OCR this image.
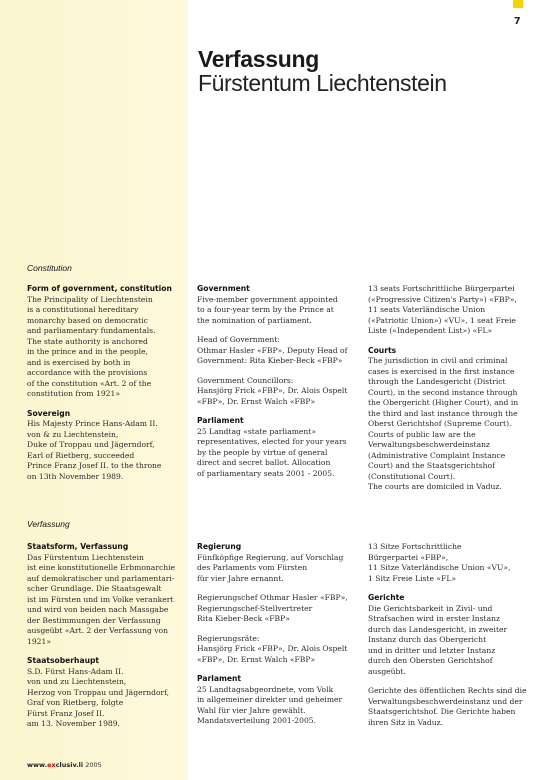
7
Verfassung
Fürstentum Liechtenstein
Constitution
Verfassung

Form of government, constitution
The Principality of Liechtenstein
is a constitutional hereditary
monarchy based on democratic
and parliamentary fundamentals.
The state authority is anchored
in the prince and in the people,
and is exercised by both in
accordance with the provisions
of the constitution «Art. 2 of the
constitution from 1921»

Sovereign
His Majesty Prince Hans-Adam II.
von & zu Liechtenstein,
Duke of Troppau und Jägerndorf,
Earl of Rietberg, succeeded
Prince Franz Josef II. to the throne
on 13th November 1989.

Government
Five-member government appointed
to a four-year term by the Prince at
the nomination of parliament.

Head of Government:
Othmar Hasler «FBP», Deputy Head of
Government: Rita Kieber-Beck «FBP»

Government Councillors:
Hansjörg Frick «FBP», Dr. Alois Ospelt
«FBP», Dr. Ernst Walch «FBP»

Parliament
25 Landtag «state parliament»
representatives, elected for your years
by the people by virtue of general
direct and secret ballot. Allocation
of parliamentary seats 2001 - 2005.

13 seats Fortschrittliche Bürgerpartei
(«Progressive Citizen's Party») «FBP»,
11 seats Vaterländische Union
(«Patriotic Union») «VU», 1 seat Freie
Liste («Independent List») «FL»

Courts
The jurisdiction in civil and criminal
cases is exercised in the first instance
through the Landesgericht (District
Court), in the second instance through
the Obergericht (Higher Court), and in
the third and last instance through the
Oberst Gerichtshof (Supreme Court).
Courts of public law are the
Verwaltungsbeschwerdeinstanz
(Administrative Complaint Instance
Court) and the Staatsgerichtshof
(Constitutional Court).
The courts are domiciled in Vaduz.

Staatsform, Verfassung
Das Fürstentum Liechtenstein
ist eine konstitutionelle Erbmonarchie
auf demokratischer und parlamentari-
scher Grundlage. Die Staatsgewalt
ist im Fürsten und im Volke verankert
und wird von beiden nach Massgabe
der Bestimmungen der Verfassung
ausgeübt «Art. 2 der Verfassung von
1921»

Staatsoberhaupt
S.D. Fürst Hans-Adam II.
von und zu Liechtenstein,
Herzog von Troppau und Jägerndorf,
Graf von Rietberg, folgte
Fürst Franz Josef II.
am 13. November 1989.

Regierung
Fünfköpfige Regierung, auf Vorschlag
des Parlaments vom Fürsten
für vier Jahre ernannt.

Regierungschef Othmar Hasler «FBP»,
Regierungschef-Stellvertreter
Rita Kieber-Beck «FBP»

Regierungsräte:
Hansjörg Frick «FBP», Dr. Alois Ospelt
«FBP», Dr. Ernst Walch «FBP»

Parlament
25 Landtagsabgeordnete, vom Volk
in allgemeiner direkter und geheimer
Wahl für vier Jahre gewählt.
Mandatsverteilung 2001-2005.

13 Sitze Fortschrittliche
Bürgerpartei «FBP»,
11 Sitze Vaterländische Union «VU»,
1 Sitz Freie Liste «FL»

Gerichte
Die Gerichtsbarkeit in Zivil- und
Strafsachen wird in erster Instanz
durch das Landesgericht, in zweiter
Instanz durch das Obergericht
und in dritter und letzter Instanz
durch den Obersten Gerichtshof
ausgeübt.

Gerichte des öffentlichen Rechts sind die
Verwaltungsbeschwerdeinstanz und der
Staatsgerichtshof. Die Gerichte haben
ihren Sitz in Vaduz.

www.exclusiv.li 2005
